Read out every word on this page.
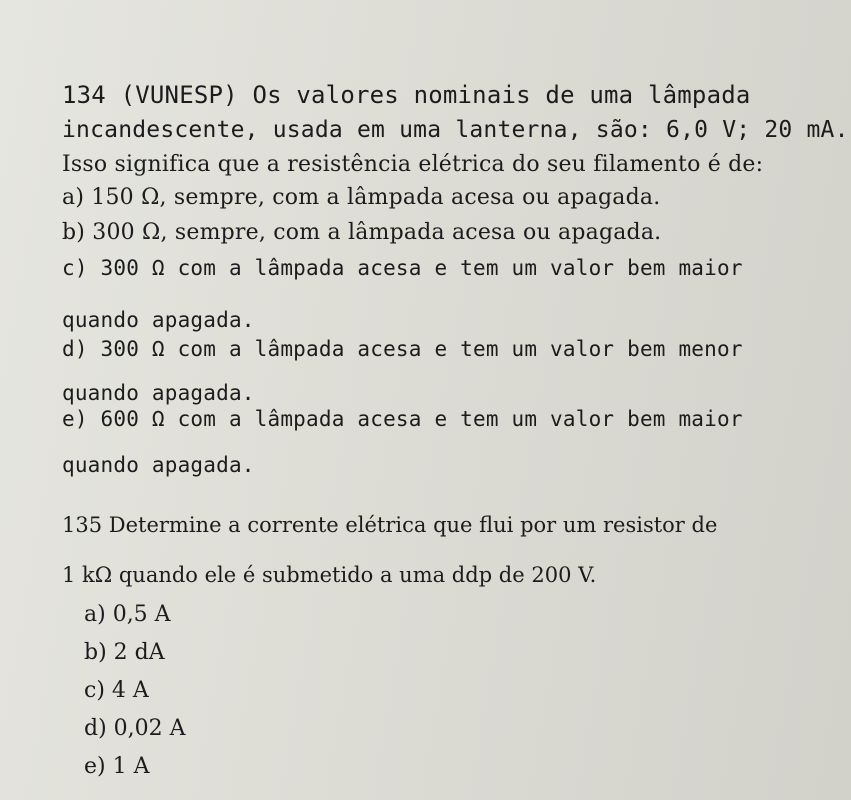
134 (VUNESP) Os valores nominais de uma lâmpada
incandescente, usada em uma lanterna, são: 6,0 V; 20 mA.
Isso significa que a resistência elétrica do seu filamento é de:
a) 150 Ω, sempre, com a lâmpada acesa ou apagada.
b) 300 Ω, sempre, com a lâmpada acesa ou apagada.
c) 300 Ω com a lâmpada acesa e tem um valor bem maior
quando apagada.
d) 300 Ω com a lâmpada acesa e tem um valor bem menor
quando apagada.
e) 600 Ω com a lâmpada acesa e tem um valor bem maior
quando apagada.
135 Determine a corrente elétrica que flui por um resistor de
1 kΩ quando ele é submetido a uma ddp de 200 V.
a) 0,5 A
b) 2 dA
c) 4 A
d) 0,02 A
e) 1 A
